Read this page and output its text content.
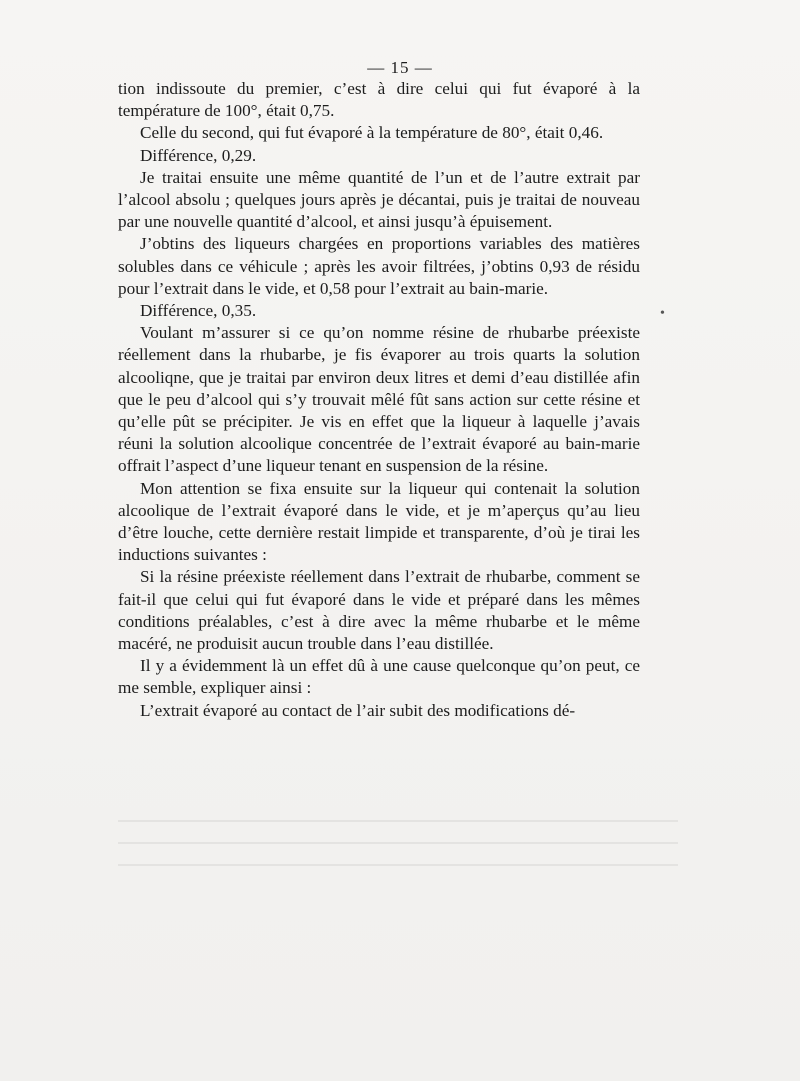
— 15 —

tion indissoute du premier, c’est à dire celui qui fut évaporé à la température de 100°, était 0,75.

Celle du second, qui fut évaporé à la température de 80°, était 0,46.

Différence, 0,29.

Je traitai ensuite une même quantité de l’un et de l’autre extrait par l’alcool absolu ; quelques jours après je décantai, puis je traitai de nouveau par une nouvelle quantité d’alcool, et ainsi jusqu’à épuisement.

J’obtins des liqueurs chargées en proportions variables des matières solubles dans ce véhicule ; après les avoir filtrées, j’obtins 0,93 de résidu pour l’extrait dans le vide, et 0,58 pour l’extrait au bain-marie.

Différence, 0,35.

Voulant m’assurer si ce qu’on nomme résine de rhubarbe préexiste réellement dans la rhubarbe, je fis évaporer au trois quarts la solution alcooliqne, que je traitai par environ deux litres et demi d’eau distillée afin que le peu d’alcool qui s’y trouvait mêlé fût sans action sur cette résine et qu’elle pût se précipiter. Je vis en effet que la liqueur à laquelle j’avais réuni la solution alcoolique concentrée de l’extrait évaporé au bain-marie offrait l’aspect d’une liqueur tenant en suspension de la résine.

Mon attention se fixa ensuite sur la liqueur qui contenait la solution alcoolique de l’extrait évaporé dans le vide, et je m’aperçus qu’au lieu d’être louche, cette dernière restait limpide et transparente, d’où je tirai les inductions suivantes :

Si la résine préexiste réellement dans l’extrait de rhubarbe, comment se fait-il que celui qui fut évaporé dans le vide et préparé dans les mêmes conditions préalables, c’est à dire avec la même rhubarbe et le même macéré, ne produisit aucun trouble dans l’eau distillée.

Il y a évidemment là un effet dû à une cause quelconque qu’on peut, ce me semble, expliquer ainsi :

L’extrait évaporé au contact de l’air subit des modifications dé-

•
